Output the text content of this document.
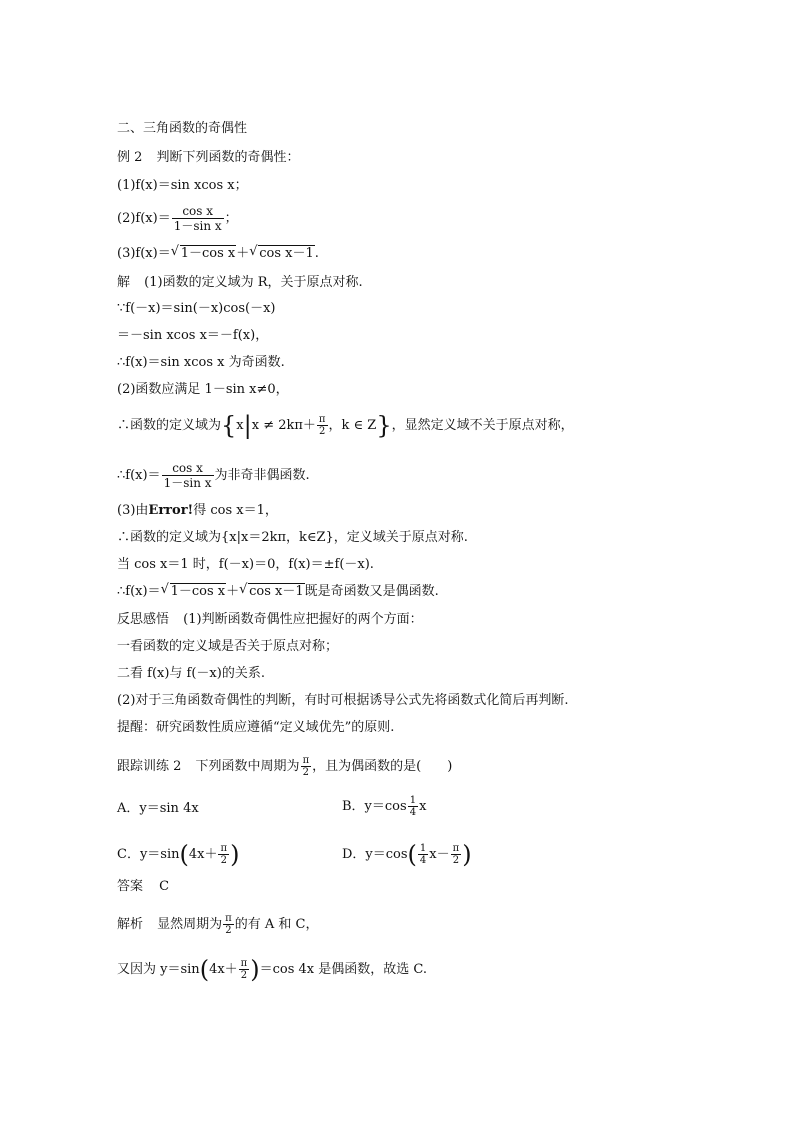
二、三角函数的奇偶性
例 2 判断下列函数的奇偶性：
(1)f(x)＝sin xcos x；
$(2)f(x)= \frac{\text{cos x}}{\text{1－sin x}}$ ；
(3)f(x)＝ √ 1－cos x＋ √ cos x－1.
解 (1)函数的定义域为 R，关于原点对称.
∵f(－x)＝sin(－x)cos(－x)
＝－sin xcos x＝－f(x)，
∴f(x)＝sin xcos x 为奇函数.
(2)函数应满足 1－sin x≠0，
∴函数的定义域为{$x|x \ne 2k\pi+ \frac{\pi}{2}$ ，k ∈ Z}，显然定义域不关于原点对称，
∴f(x)＝ $\frac{\text{cos x}}{\text{1－sin x}}$ 为非奇非偶函数.
(3)由Error!得 cos x＝1，
∴函数的定义域为{x|x＝2kπ，k∈Z}，定义域关于原点对称.
当 cos x＝1 时，f(－x)＝0，f(x)＝±f(－x).
∴f(x)＝ √ 1－cos x＋ √ cos x－1既是奇函数又是偶函数.
反思感悟 (1)判断函数奇偶性应把握好的两个方面：
一看函数的定义域是否关于原点对称；
二看 f(x)与 f(－x)的关系.
(2)对于三角函数奇偶性的判断，有时可根据诱导公式先将函数式化简后再判断.
提醒：研究函数性质应遵循“定义域优先”的原则.
跟踪训练 2 下列函数中周期为 $\frac{\pi}{2}$ ，且为偶函数的是(　　)
A．y＝sin 4x	B．$y=\cos \frac{1}{4}$ x
C．$y=\sin(4x+ \frac{\pi}{2}$ )	D．$y=\cos( \frac{1}{4} x- \frac{\pi}{2}$ )
答案 C
解析 显然周期为 $\frac{\pi}{2}$ 的有 A 和 C，
又因为 $y=\sin(4x+ \frac{\pi}{2} )=\cos$ 4x 是偶函数，故选 C.
